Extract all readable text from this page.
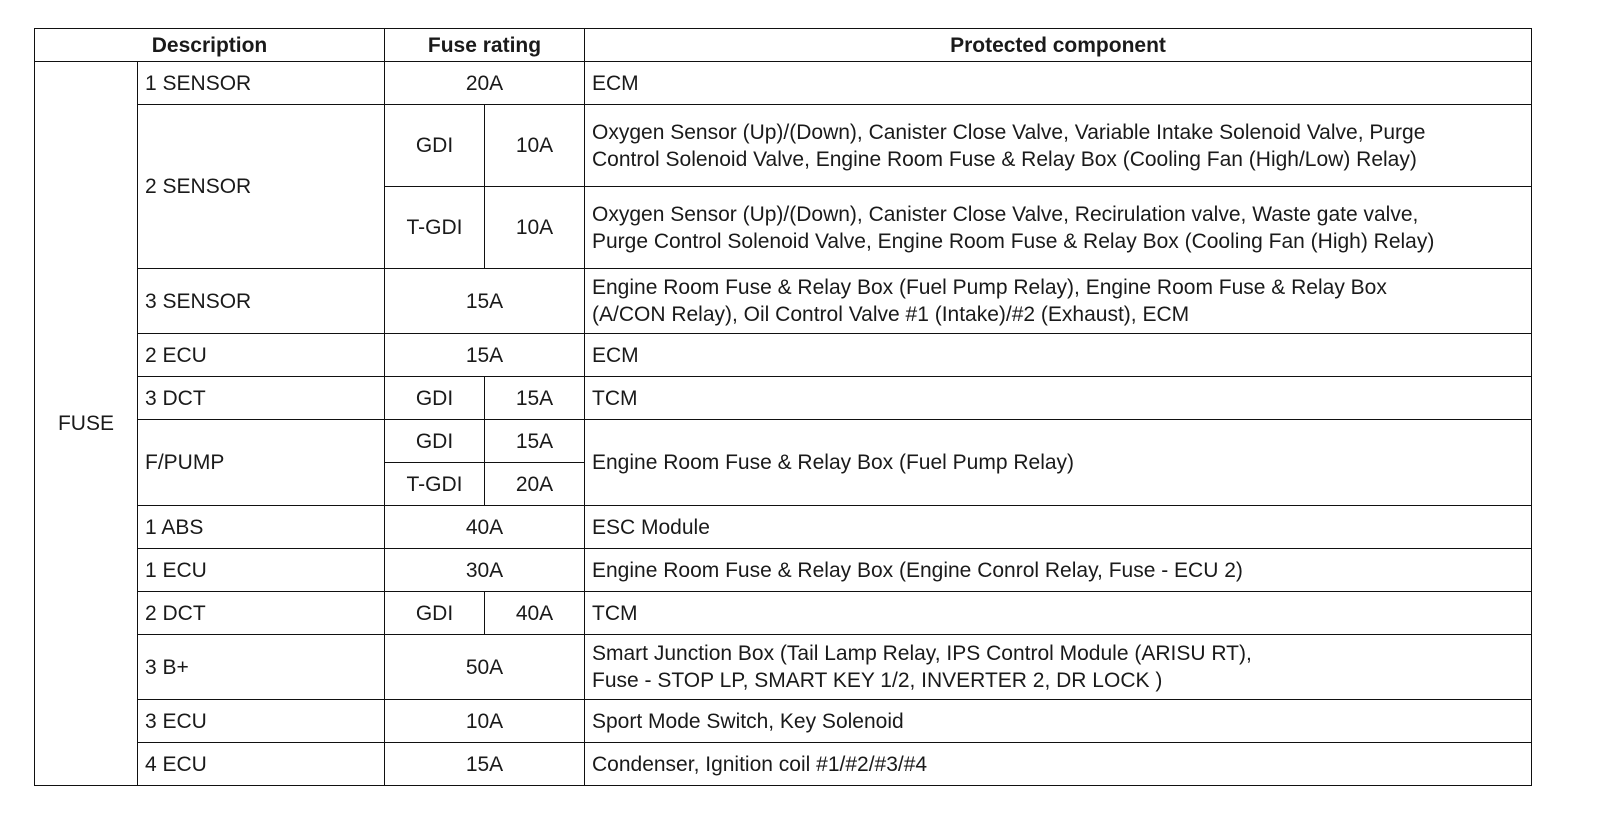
Description		Fuse rating		Protected component
FUSE	1 SENSOR	20A		ECM
	2 SENSOR	GDI	10A	Oxygen Sensor (Up)/(Down), Canister Close Valve, Variable Intake Solenoid Valve, Purge
Control Solenoid Valve, Engine Room Fuse & Relay Box (Cooling Fan (High/Low) Relay)
		T-GDI	10A	Oxygen Sensor (Up)/(Down), Canister Close Valve, Recirulation valve, Waste gate valve,
Purge Control Solenoid Valve, Engine Room Fuse & Relay Box (Cooling Fan (High) Relay)
	3 SENSOR	15A		Engine Room Fuse & Relay Box (Fuel Pump Relay), Engine Room Fuse & Relay Box
(A/CON Relay), Oil Control Valve #1 (Intake)/#2 (Exhaust), ECM
	2 ECU	15A		ECM
	3 DCT	GDI	15A	TCM
	F/PUMP	GDI	15A	Engine Room Fuse & Relay Box (Fuel Pump Relay)
		T-GDI	20A	
	1 ABS	40A		ESC Module
	1 ECU	30A		Engine Room Fuse & Relay Box (Engine Conrol Relay, Fuse - ECU 2)
	2 DCT	GDI	40A	TCM
	3 B+	50A		Smart Junction Box (Tail Lamp Relay, IPS Control Module (ARISU RT),
Fuse - STOP LP, SMART KEY 1/2, INVERTER 2, DR LOCK )
	3 ECU	10A		Sport Mode Switch, Key Solenoid
	4 ECU	15A		Condenser, Ignition coil #1/#2/#3/#4
